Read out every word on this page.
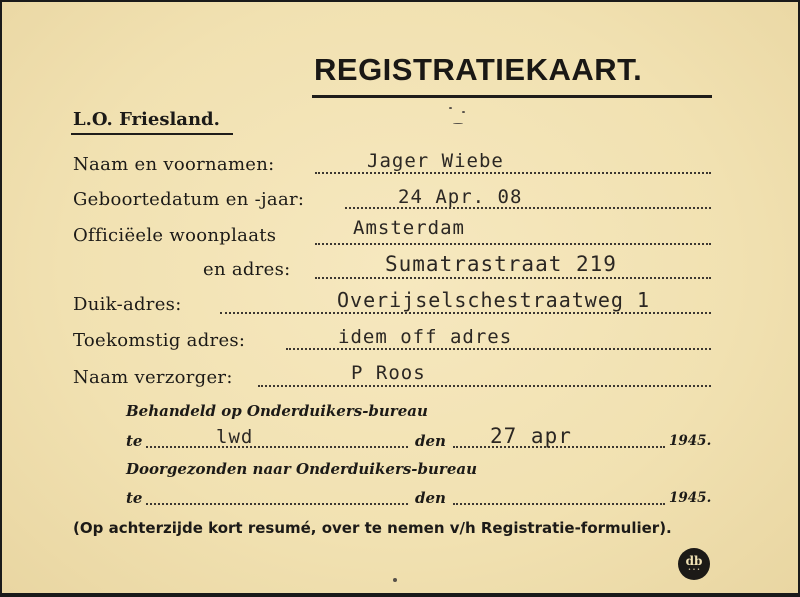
REGISTRATIEKAART.
L.O. Friesland.
Naam en voornamen:	Jager Wiebe
Geboortedatum en -jaar:	24 Apr. 08
Officiëele woonplaats	Amsterdam
en adres:	Sumatrastraat 219
Duik-adres:	Overijselschestraatweg 1
Toekomstig adres:	idem off adres
Naam verzorger:	P Roos
Behandeld op Onderduikers-bureau
te	lwd	den 27 apr	1945.
Doorgezonden naar Onderduikers-bureau
te	den	1945.
(Op achterzijde kort resumé, over te nemen v/h Registratie-formulier).
db
• • •
